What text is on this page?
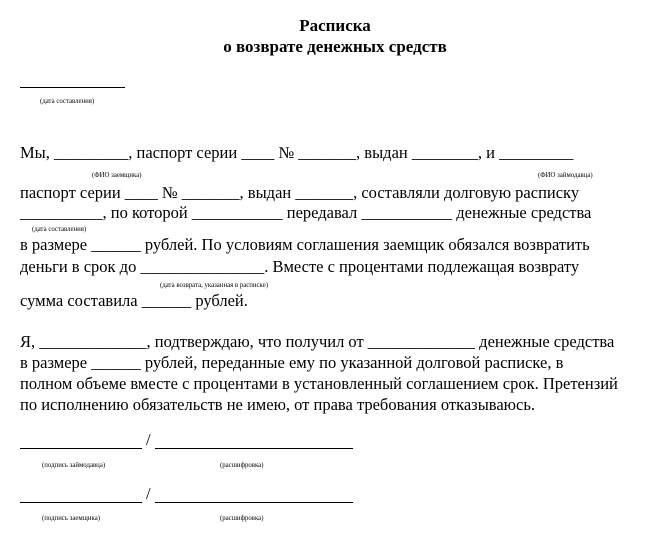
Расписка
о возврате денежных средств
(дата составления)
Мы, _________, паспорт серии ____ № _______, выдан ________, и _________
(ФИО заемщика)	(ФИО займодавца)
паспорт серии ____ № _______, выдан _______, составляли долговую расписку
__________, по которой ___________ передавал ___________ денежные средства
(дата составления)
в размере ______ рублей. По условиям соглашения заемщик обязался возвратить
деньги в срок до _______________. Вместе с процентами подлежащая возврату
(дата возврата, указанная в расписке)
сумма составила ______ рублей.
Я, _____________, подтверждаю, что получил от _____________ денежные средства
в размере ______ рублей, переданные ему по указанной долговой расписке, в
полном объеме вместе с процентами в установленный соглашением срок. Претензий
по исполнению обязательств не имею, от права требования отказываюсь.
/
(подпись займодавца)	(расшифровка)
/
(подпись заемщика)	(расшифровка)
